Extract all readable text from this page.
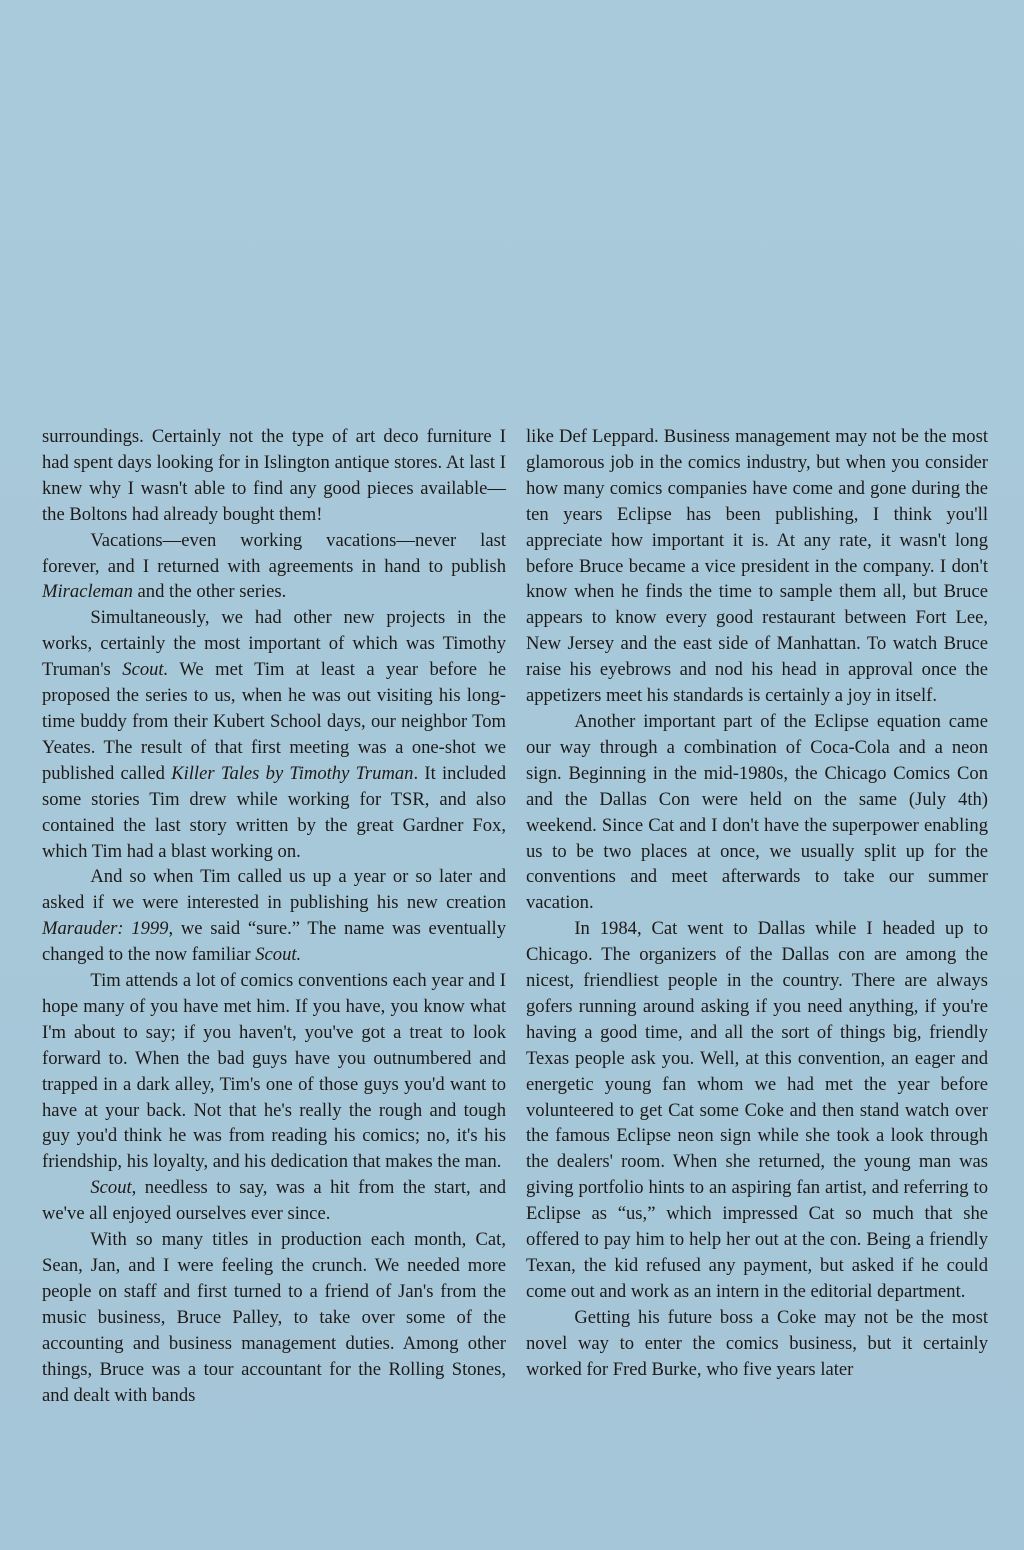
surroundings. Certainly not the type of art deco furniture I had spent days looking for in Islington antique stores. At last I knew why I wasn't able to find any good pieces available—the Boltons had already bought them!

Vacations—even working vacations—never last forever, and I returned with agreements in hand to publish Miracleman and the other series.

Simultaneously, we had other new projects in the works, certainly the most important of which was Timothy Truman's Scout. We met Tim at least a year before he proposed the series to us, when he was out visiting his long-time buddy from their Kubert School days, our neighbor Tom Yeates. The result of that first meeting was a one-shot we published called Killer Tales by Timothy Truman. It included some stories Tim drew while working for TSR, and also contained the last story written by the great Gardner Fox, which Tim had a blast working on.

And so when Tim called us up a year or so later and asked if we were interested in publishing his new creation Marauder: 1999, we said “sure.” The name was eventually changed to the now familiar Scout.

Tim attends a lot of comics conventions each year and I hope many of you have met him. If you have, you know what I'm about to say; if you haven't, you've got a treat to look forward to. When the bad guys have you outnumbered and trapped in a dark alley, Tim's one of those guys you'd want to have at your back. Not that he's really the rough and tough guy you'd think he was from reading his comics; no, it's his friendship, his loyalty, and his dedication that makes the man.

Scout, needless to say, was a hit from the start, and we've all enjoyed ourselves ever since.

With so many titles in production each month, Cat, Sean, Jan, and I were feeling the crunch. We needed more people on staff and first turned to a friend of Jan's from the music business, Bruce Palley, to take over some of the accounting and business management duties. Among other things, Bruce was a tour accountant for the Rolling Stones, and dealt with bands

like Def Leppard. Business management may not be the most glamorous job in the comics industry, but when you consider how many comics companies have come and gone during the ten years Eclipse has been publishing, I think you'll appreciate how important it is. At any rate, it wasn't long before Bruce became a vice president in the company. I don't know when he finds the time to sample them all, but Bruce appears to know every good restaurant between Fort Lee, New Jersey and the east side of Manhattan. To watch Bruce raise his eyebrows and nod his head in approval once the appetizers meet his standards is certainly a joy in itself.

Another important part of the Eclipse equation came our way through a combination of Coca-Cola and a neon sign. Beginning in the mid-1980s, the Chicago Comics Con and the Dallas Con were held on the same (July 4th) weekend. Since Cat and I don't have the superpower enabling us to be two places at once, we usually split up for the conventions and meet afterwards to take our summer vacation.

In 1984, Cat went to Dallas while I headed up to Chicago. The organizers of the Dallas con are among the nicest, friendliest people in the country. There are always gofers running around asking if you need anything, if you're having a good time, and all the sort of things big, friendly Texas people ask you. Well, at this convention, an eager and energetic young fan whom we had met the year before volunteered to get Cat some Coke and then stand watch over the famous Eclipse neon sign while she took a look through the dealers' room. When she returned, the young man was giving portfolio hints to an aspiring fan artist, and referring to Eclipse as “us,” which impressed Cat so much that she offered to pay him to help her out at the con. Being a friendly Texan, the kid refused any payment, but asked if he could come out and work as an intern in the editorial department.

Getting his future boss a Coke may not be the most novel way to enter the comics business, but it certainly worked for Fred Burke, who five years later
